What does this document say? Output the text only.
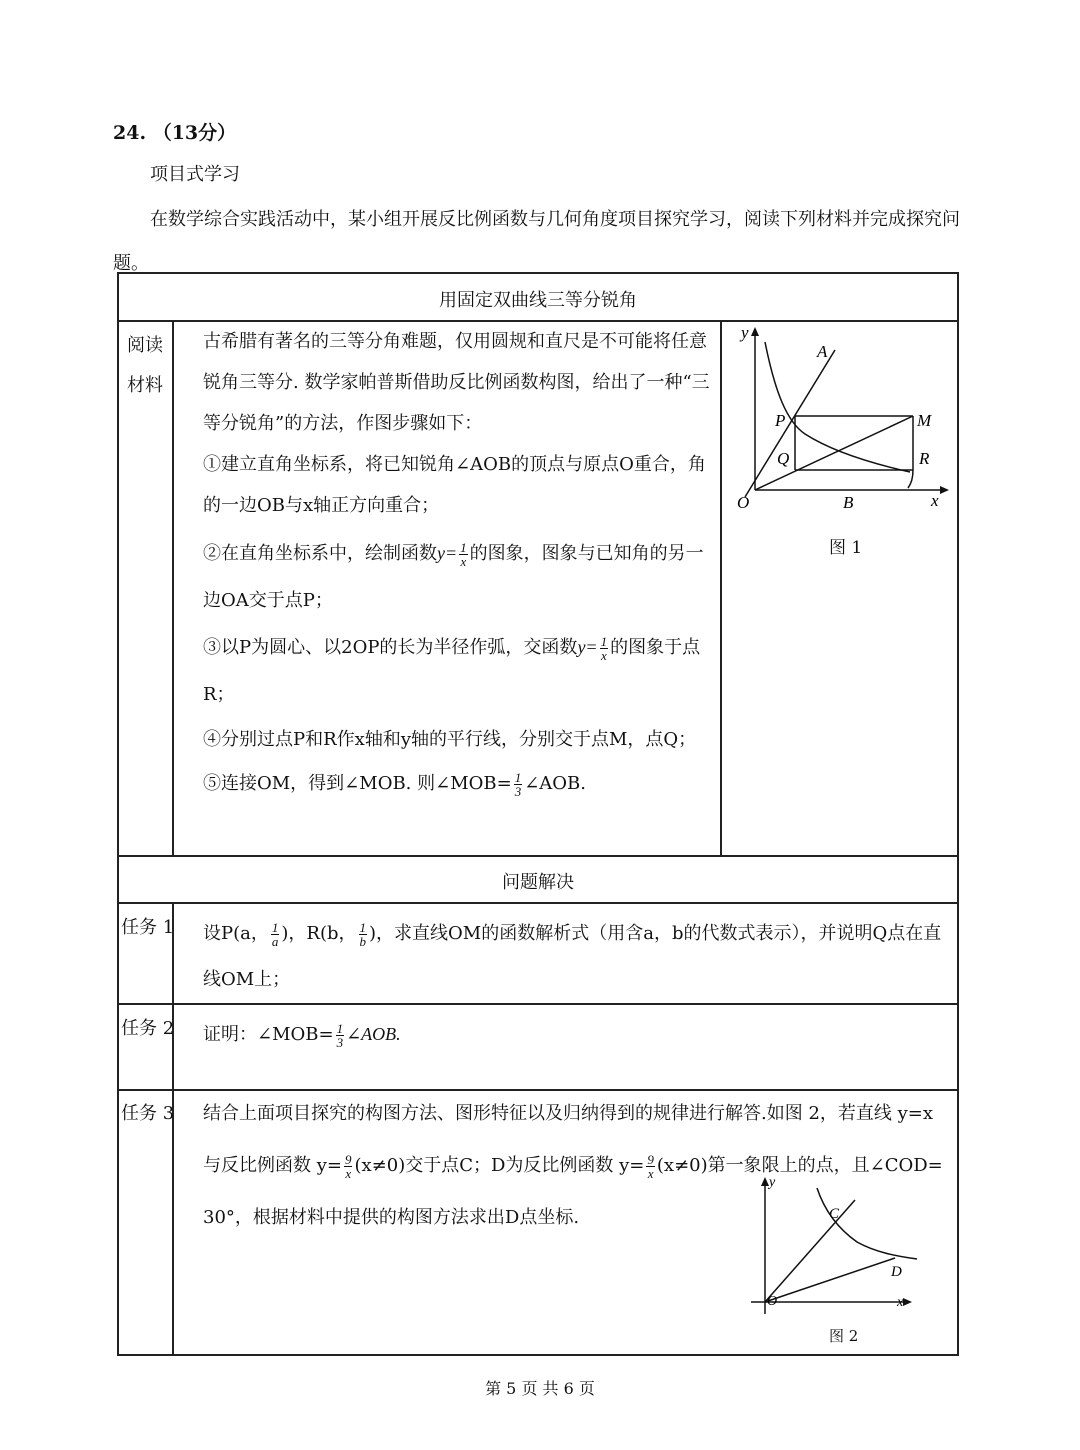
24. （13分）
项目式学习
在数学综合实践活动中，某小组开展反比例函数与几何角度项目探究学习，阅读下列材料并完成探究问题。
用固定双曲线三等分锐角
阅读
材料
古希腊有著名的三等分角难题，仅用圆规和直尺是不可能将任意锐角三等分. 数学家帕普斯借助反比例函数构图，给出了一种“三等分锐角”的方法，作图步骤如下：
①建立直角坐标系，将已知锐角∠AOB的顶点与原点O重合，角的一边OB与x轴正方向重合；
②在直角坐标系中，绘制函数$y= \frac{1}{x}$ 的图象，图象与已知角的另一边OA交于点P；
③以P为圆心、以2OP的长为半径作弧，交函数$y= \frac{1}{x}$ 的图象于点R；
④分别过点P和R作x轴和y轴的平行线，分别交于点M，点Q；
⑤连接OM，得到∠MOB. 则∠MOB= $\frac{1}{3}$ ∠AOB.
y
A
P	M
Q	R
O	B	x
图 1
问题解决
任务 1 设P(a， $\frac{1}{a}$ )，R(b， $\frac{1}{b}$ )，求直线OM的函数解析式（用含a，b的代数式表示），并说明Q点在直线OM上；
任务 2 证明：∠MOB= $\frac{1}{3}$ ∠AOB.
任务 3 结合上面项目探究的构图方法、图形特征以及归纳得到的规律进行解答.如图 2，若直线 y=x
与反比例函数 $y= \frac{9}{x} (x\ne 0)$交于点C；D为反比例函数 $y= \frac{9}{x} (x\ne 0)$第一象限上的点，且∠COD=
30°，根据材料中提供的构图方法求出D点坐标.
y
C
D
O	x
图 2
第 5 页 共 6 页
